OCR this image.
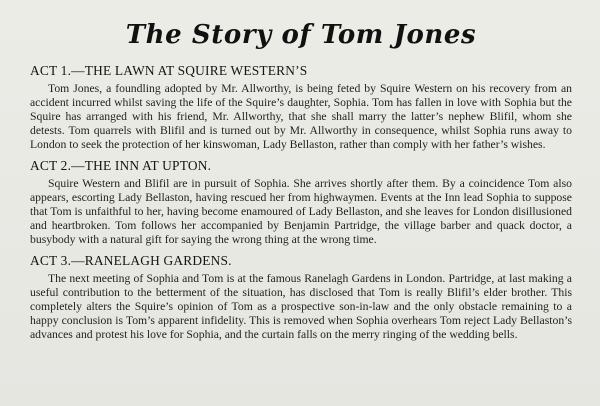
The Story of Tom Jones
ACT 1.—THE LAWN AT SQUIRE WESTERN’S

Tom Jones, a foundling adopted by Mr. Allworthy, is being feted by Squire Western on his recovery from an accident incurred whilst saving the life of the Squire’s daughter, Sophia. Tom has fallen in love with Sophia but the Squire has arranged with his friend, Mr. Allworthy, that she shall marry the latter’s nephew Blifil, whom she detests. Tom quarrels with Blifil and is turned out by Mr. Allworthy in consequence, whilst Sophia runs away to London to seek the protection of her kinswoman, Lady Bellaston, rather than comply with her father’s wishes.

ACT 2.—THE INN AT UPTON.

Squire Western and Blifil are in pursuit of Sophia. She arrives shortly after them. By a coincidence Tom also appears, escorting Lady Bellaston, having rescued her from highwaymen. Events at the Inn lead Sophia to suppose that Tom is unfaithful to her, having become enamoured of Lady Bellaston, and she leaves for London disillusioned and heartbroken. Tom follows her accompanied by Benjamin Partridge, the village barber and quack doctor, a busybody with a natural gift for saying the wrong thing at the wrong time.

ACT 3.—RANELAGH GARDENS.

The next meeting of Sophia and Tom is at the famous Ranelagh Gardens in London. Partridge, at last making a useful contribution to the betterment of the situation, has disclosed that Tom is really Blifil’s elder brother. This completely alters the Squire’s opinion of Tom as a prospective son-in-law and the only obstacle remaining to a happy conclusion is Tom’s apparent infidelity. This is removed when Sophia overhears Tom reject Lady Bellaston’s advances and protest his love for Sophia, and the curtain falls on the merry ringing of the wedding bells.
